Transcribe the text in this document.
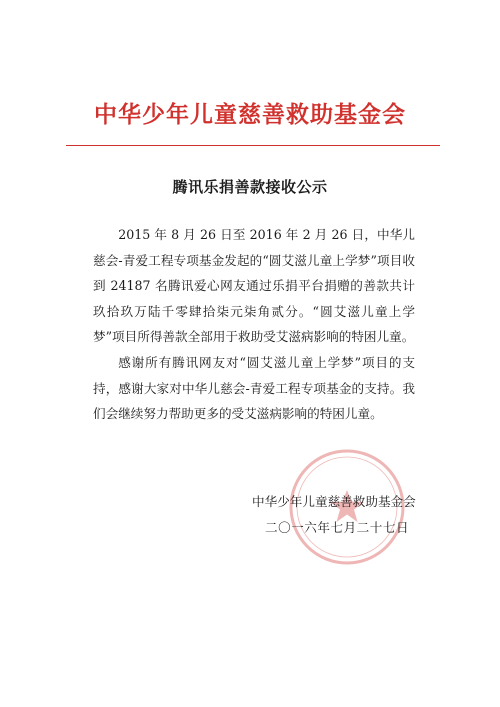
中华少年儿童慈善救助基金会
腾讯乐捐善款接收公示

2015 年 8 月 26 日至 2016 年 2 月 26 日，中华儿慈会-青爱工程专项基金发起的“圆艾滋儿童上学梦”项目收到 24187 名腾讯爱心网友通过乐捐平台捐赠的善款共计玖拾玖万陆千零肆拾柒元柒角贰分。“圆艾滋儿童上学梦”项目所得善款全部用于救助受艾滋病影响的特困儿童。

感谢所有腾讯网友对“圆艾滋儿童上学梦”项目的支持，感谢大家对中华儿慈会-青爱工程专项基金的支持。我们会继续努力帮助更多的受艾滋病影响的特困儿童。

中华少年儿童慈善救助基金会
二〇一六年七月二十七日
